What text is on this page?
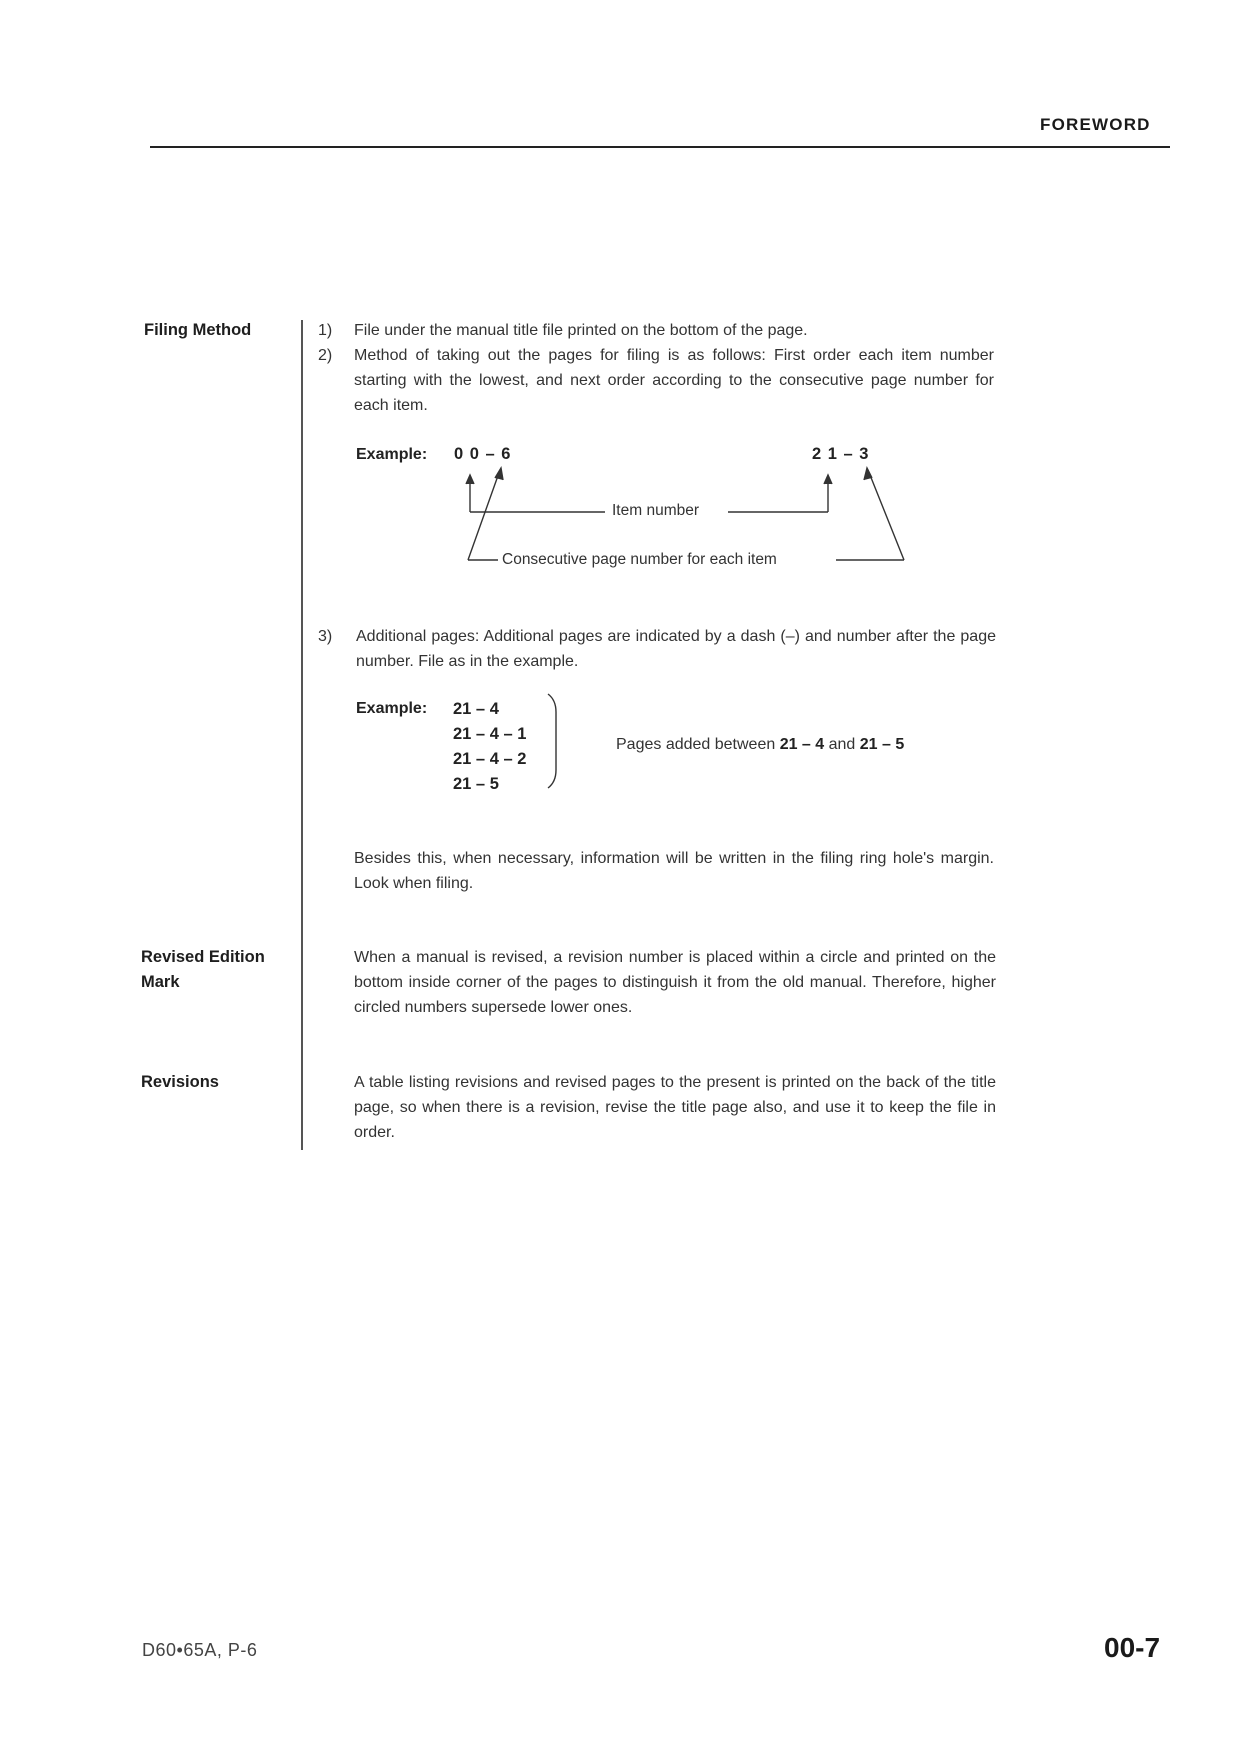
FOREWORD
Filing Method	1) File under the manual title file printed on the bottom of the page.
2) Method of taking out the pages for filing is as follows: First order each item number starting with the lowest, and next order according to the consecutive page number for each item.
Example: 0 0 – 6	2 1 – 3
Item number
Consecutive page number for each item
3) Additional pages: Additional pages are indicated by a dash (–) and number after the page number. File as in the example.
Example: 21 – 4
21 – 4 – 1
21 – 4 – 2
21 – 5
Pages added between 21 – 4 and 21 – 5
Besides this, when necessary, information will be written in the filing ring hole's margin. Look when filing.
Revised Edition
Mark
When a manual is revised, a revision number is placed within a circle and printed on the bottom inside corner of the pages to distinguish it from the old manual. Therefore, higher circled numbers supersede lower ones.
Revisions	A table listing revisions and revised pages to the present is printed on the back of the title page, so when there is a revision, revise the title page also, and use it to keep the file in order.
D60•65A, P-6	00-7
